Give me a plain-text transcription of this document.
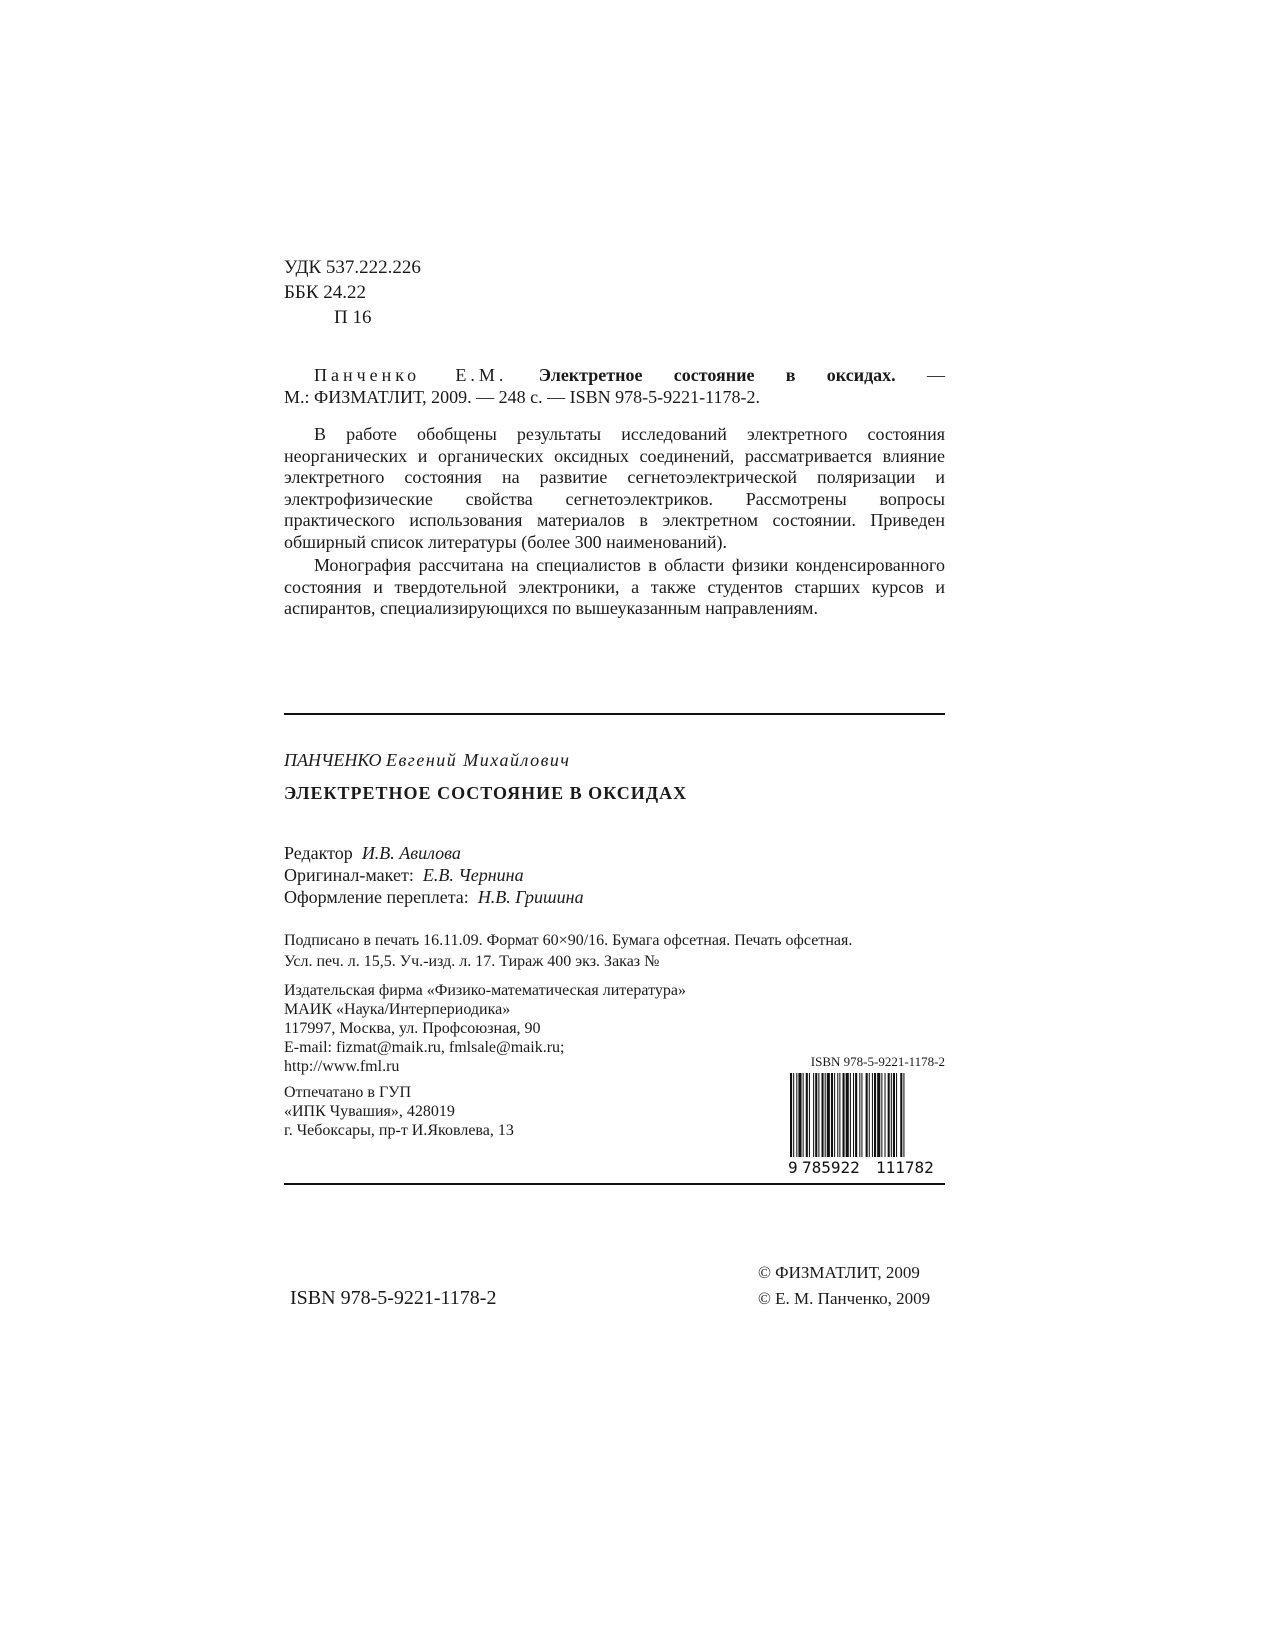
УДК 537.222.226
ББК 24.22
П 16
Панченко Е.М. Электретное состояние в оксидах. —
М.: ФИЗМАТЛИТ, 2009. — 248 с. — ISBN 978-5-9221-1178-2.
В работе обобщены результаты исследований электретного состояния неорганических и органических оксидных соединений, рассматривается влияние электретного состояния на развитие сегнетоэлектрической поляризации и электрофизические свойства сегнетоэлектриков. Рассмотрены вопросы практического использования материалов в электретном состоянии. Приведен обширный список литературы (более 300 наименований).
Монография рассчитана на специалистов в области физики конденсированного состояния и твердотельной электроники, а также студентов старших курсов и аспирантов, специализирующихся по вышеуказанным направлениям.
ПАНЧЕНКО Евгений Михайлович
ЭЛЕКТРЕТНОЕ СОСТОЯНИЕ В ОКСИДАХ
Редактор И.В. Авилова
Оригинал-макет: Е.В. Чернина
Оформление переплета: Н.В. Гришина
Подписано в печать 16.11.09. Формат 60×90/16. Бумага офсетная. Печать офсетная.
Усл. печ. л. 15,5. Уч.-изд. л. 17. Тираж 400 экз. Заказ №
Издательская фирма «Физико-математическая литература»
МАИК «Наука/Интерпериодика»
117997, Москва, ул. Профсоюзная, 90
E-mail: fizmat@maik.ru, fmlsale@maik.ru;
http://www.fml.ru
Отпечатано в ГУП
«ИПК Чувашия», 428019
г. Чебоксары, пр-т И.Яковлева, 13
ISBN 978-5-9221-1178-2
9 785922 111782
ISBN 978-5-9221-1178-2
© ФИЗМАТЛИТ, 2009
© Е. М. Панченко, 2009
